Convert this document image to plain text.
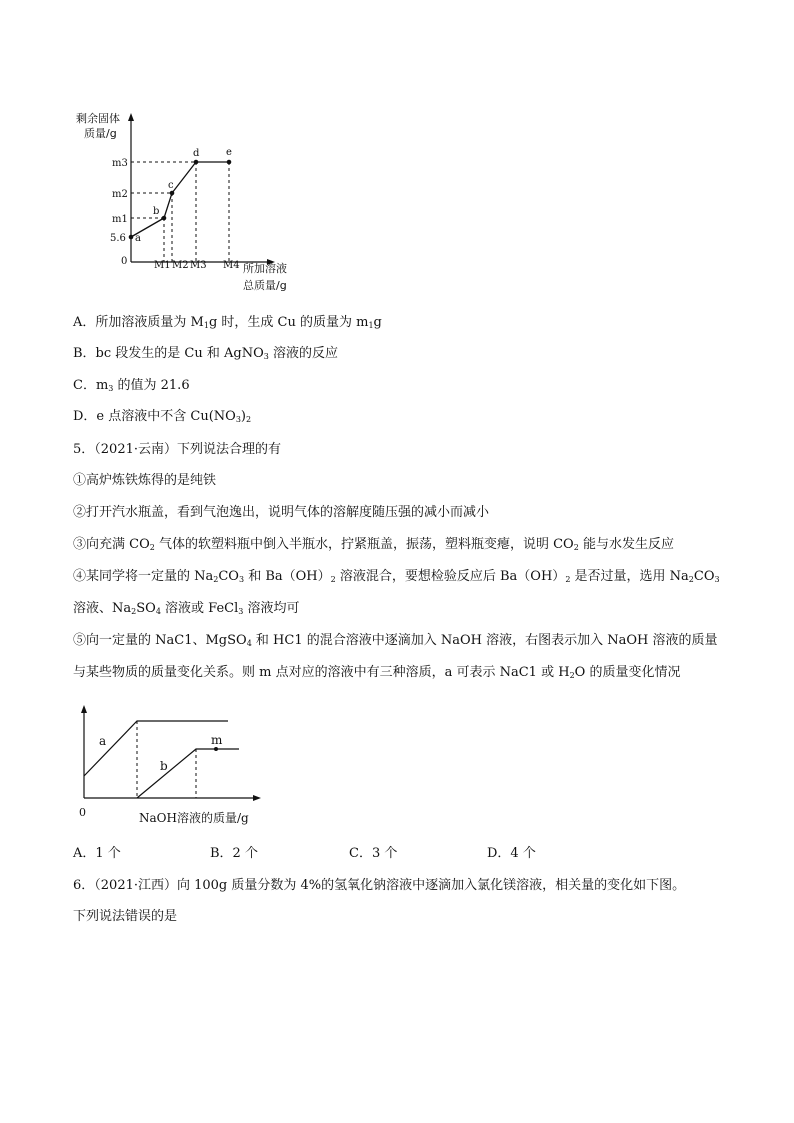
剩余固体
质量/g
0
m3
m2
m1
5.6
M1 M2 M3 M4 所加溶液
总质量/g
a
b
c
d	e
A．所加溶液质量为 $M_1g$ 时，生成 Cu 的质量为 $m_1g$
B．bc 段发生的是 Cu 和 AgNO$_3$ 溶液的反应
C．$m_3$ 的值为 21.6
D．e 点溶液中不含 $Cu(NO_3)_2$
5．（2021·云南）下列说法合理的有
①高炉炼铁炼得的是纯铁
②打开汽水瓶盖，看到气泡逸出，说明气体的溶解度随压强的减小而减小
③向充满 $CO_2$ 气体的软塑料瓶中倒入半瓶水，拧紧瓶盖，振荡，塑料瓶变瘪，说明 $CO_2$ 能与水发生反应
④某同学将一定量的 $Na_2CO_3$ 和 $Ba(OH)_2$ 溶液混合，要想检验反应后 $Ba(OH)_2$ 是否过量，选用 $Na_2CO_3$
溶液、$Na_2SO_4$ 溶液或 FeCl$_3$ 溶液均可
⑤向一定量的 NaC1、MgSO$_4$ 和 HC1 的混合溶液中逐滴加入 NaOH 溶液，右图表示加入 NaOH 溶液的质量
与某些物质的质量变化关系。则 m 点对应的溶液中有三种溶质，a 可表示 NaC1 或 $H_2O$ 的质量变化情况
a
b
m
0	NaOH溶液的质量/g
A．1 个	B．2 个	C．3 个	D．4 个
6．（2021·江西）向 100g 质量分数为 4%的氢氧化钠溶液中逐滴加入氯化镁溶液，相关量的变化如下图。
下列说法错误的是
